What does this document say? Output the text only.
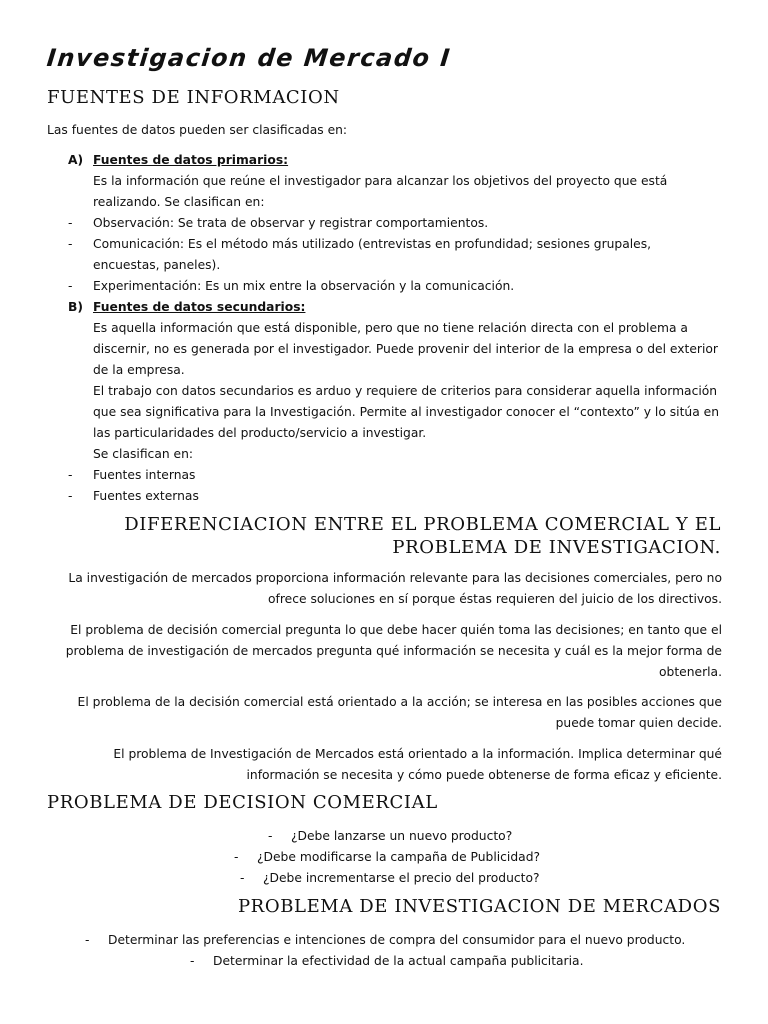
Investigacion de Mercado I
FUENTES DE INFORMACION
Las fuentes de datos pueden ser clasificadas en:
A) Fuentes de datos primarios:
Es la información que reúne el investigador para alcanzar los objetivos del proyecto que está realizando. Se clasifican en:
- Observación: Se trata de observar y registrar comportamientos.
- Comunicación: Es el método más utilizado (entrevistas en profundidad; sesiones grupales, encuestas, paneles).
- Experimentación: Es un mix entre la observación y la comunicación.
B) Fuentes de datos secundarios:
Es aquella información que está disponible, pero que no tiene relación directa con el problema a discernir, no es generada por el investigador. Puede provenir del interior de la empresa o del exterior de la empresa.
El trabajo con datos secundarios es arduo y requiere de criterios para considerar aquella información que sea significativa para la Investigación. Permite al investigador conocer el “contexto” y lo sitúa en las particularidades del producto/servicio a investigar.
Se clasifican en:
- Fuentes internas
- Fuentes externas
DIFERENCIACION ENTRE EL PROBLEMA COMERCIAL Y EL PROBLEMA DE INVESTIGACION.
La investigación de mercados proporciona información relevante para las decisiones comerciales, pero no ofrece soluciones en sí porque éstas requieren del juicio de los directivos.
El problema de decisión comercial pregunta lo que debe hacer quién toma las decisiones; en tanto que el problema de investigación de mercados pregunta qué información se necesita y cuál es la mejor forma de obtenerla.
El problema de la decisión comercial está orientado a la acción; se interesa en las posibles acciones que puede tomar quien decide.
El problema de Investigación de Mercados está orientado a la información. Implica determinar qué información se necesita y cómo puede obtenerse de forma eficaz y eficiente.
PROBLEMA DE DECISION COMERCIAL
- ¿Debe lanzarse un nuevo producto?
- ¿Debe modificarse la campaña de Publicidad?
- ¿Debe incrementarse el precio del producto?
PROBLEMA DE INVESTIGACION DE MERCADOS
- Determinar las preferencias e intenciones de compra del consumidor para el nuevo producto.
- Determinar la efectividad de la actual campaña publicitaria.
